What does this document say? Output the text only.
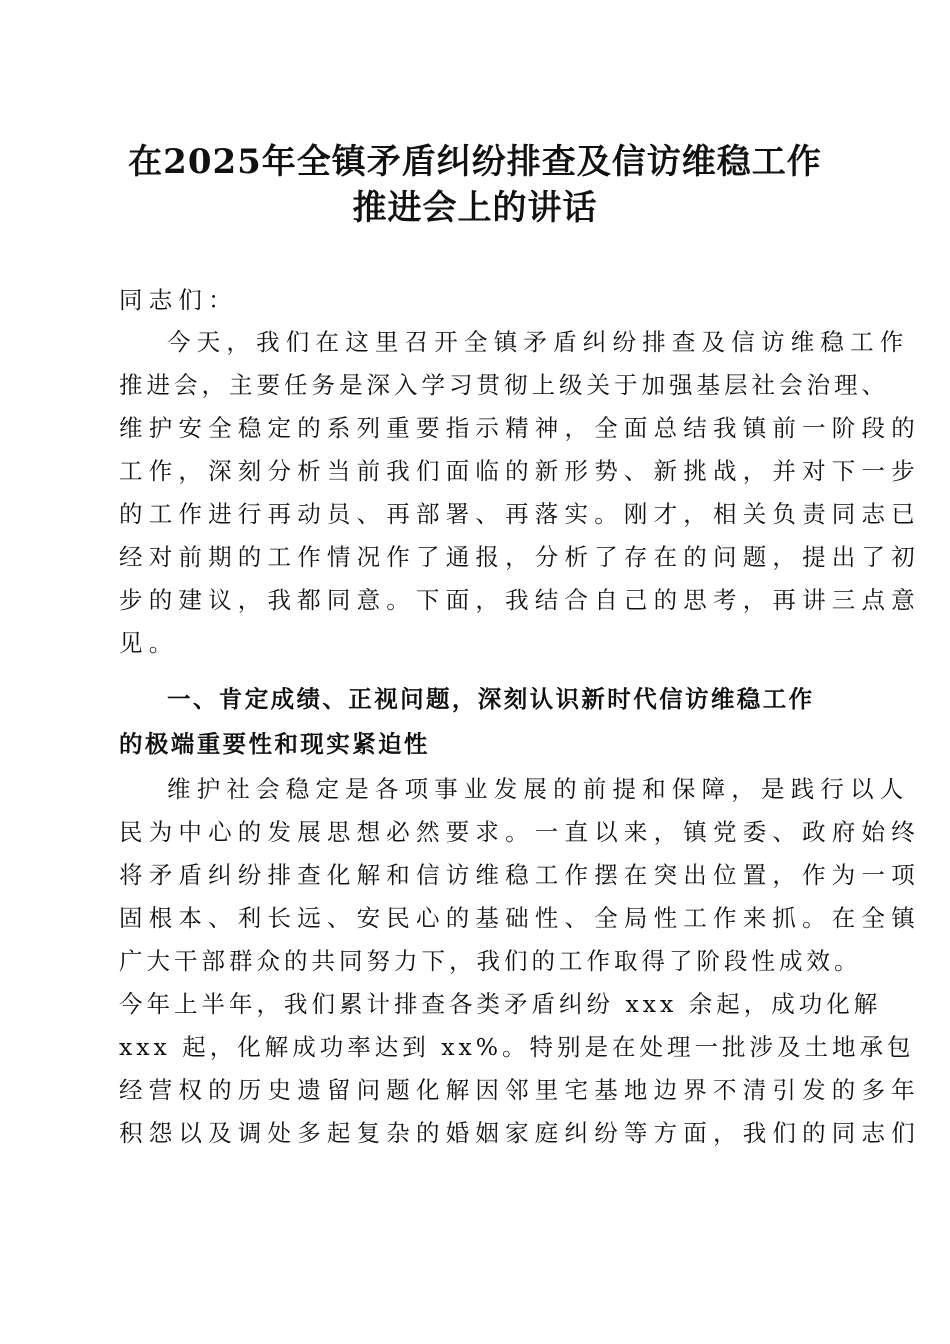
在2025年全镇矛盾纠纷排查及信访维稳工作
推进会上的讲话
同志们：
今天，我们在这里召开全镇矛盾纠纷排查及信访维稳工作
推进会，主要任务是深入学习贯彻上级关于加强基层社会治理、
维护安全稳定的系列重要指示精神，全面总结我镇前一阶段的
工作，深刻分析当前我们面临的新形势、新挑战，并对下一步
的工作进行再动员、再部署、再落实。刚才，相关负责同志已
经对前期的工作情况作了通报，分析了存在的问题，提出了初
步的建议，我都同意。下面，我结合自己的思考，再讲三点意
见。
一、肯定成绩、正视问题，深刻认识新时代信访维稳工作
的极端重要性和现实紧迫性
维护社会稳定是各项事业发展的前提和保障，是践行以人
民为中心的发展思想必然要求。一直以来，镇党委、政府始终
将矛盾纠纷排查化解和信访维稳工作摆在突出位置，作为一项
固根本、利长远、安民心的基础性、全局性工作来抓。在全镇
广大干部群众的共同努力下，我们的工作取得了阶段性成效。
今年上半年，我们累计排查各类矛盾纠纷 xxx 余起，成功化解
xxx 起，化解成功率达到 xx%。特别是在处理一批涉及土地承包
经营权的历史遗留问题化解因邻里宅基地边界不清引发的多年
积怨以及调处多起复杂的婚姻家庭纠纷等方面，我们的同志们
